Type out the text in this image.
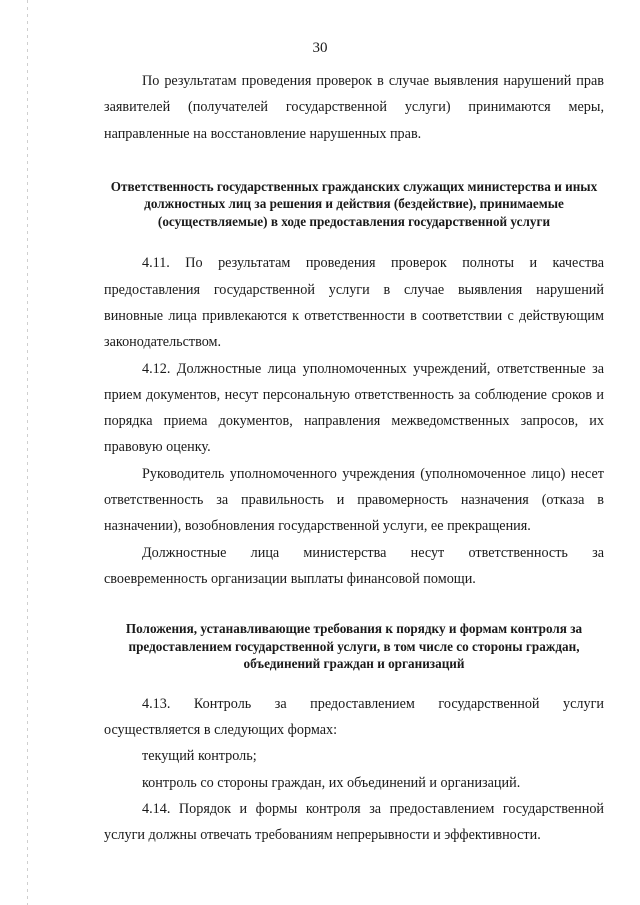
30

По результатам проведения проверок в случае выявления нарушений прав заявителей (получателей государственной услуги) принимаются меры, направленные на восстановление нарушенных прав.

Ответственность государственных гражданских служащих министерства и иных должностных лиц за решения и действия (бездействие), принимаемые (осуществляемые) в ходе предоставления государственной услуги

4.11. По результатам проведения проверок полноты и качества предоставления государственной услуги в случае выявления нарушений виновные лица привлекаются к ответственности в соответствии с действующим законодательством.

4.12. Должностные лица уполномоченных учреждений, ответственные за прием документов, несут персональную ответственность за соблюдение сроков и порядка приема документов, направления межведомственных запросов, их правовую оценку.

Руководитель уполномоченного учреждения (уполномоченное лицо) несет ответственность за правильность и правомерность назначения (отказа в назначении), возобновления государственной услуги, ее прекращения.

Должностные лица министерства несут ответственность за своевременность организации выплаты финансовой помощи.

Положения, устанавливающие требования к порядку и формам контроля за предоставлением государственной услуги, в том числе со стороны граждан, объединений граждан и организаций

4.13. Контроль за предоставлением государственной услуги осуществляется в следующих формах:

текущий контроль;

контроль со стороны граждан, их объединений и организаций.

4.14. Порядок и формы контроля за предоставлением государственной услуги должны отвечать требованиям непрерывности и эффективности.
